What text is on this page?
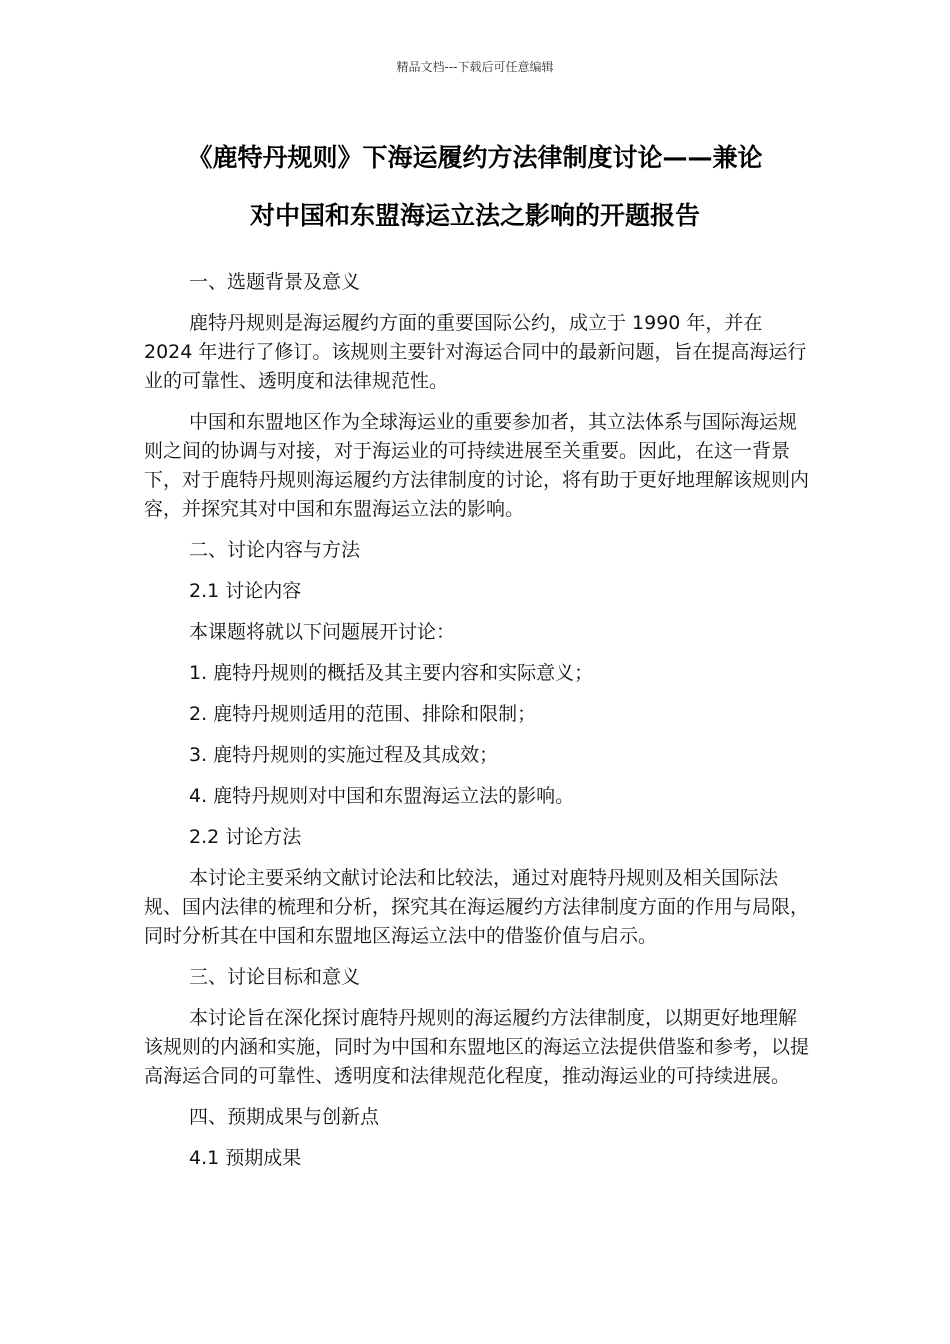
精品文档---下载后可任意编辑
《鹿特丹规则》下海运履约方法律制度讨论——兼论
对中国和东盟海运立法之影响的开题报告
一、选题背景及意义
鹿特丹规则是海运履约方面的重要国际公约，成立于 1990 年，并在 2024 年进行了修订。该规则主要针对海运合同中的最新问题，旨在提高海运行业的可靠性、透明度和法律规范性。
中国和东盟地区作为全球海运业的重要参加者，其立法体系与国际海运规则之间的协调与对接，对于海运业的可持续进展至关重要。因此，在这一背景下，对于鹿特丹规则海运履约方法律制度的讨论，将有助于更好地理解该规则内容，并探究其对中国和东盟海运立法的影响。
二、讨论内容与方法
2.1 讨论内容
本课题将就以下问题展开讨论：
1. 鹿特丹规则的概括及其主要内容和实际意义；
2. 鹿特丹规则适用的范围、排除和限制；
3. 鹿特丹规则的实施过程及其成效；
4. 鹿特丹规则对中国和东盟海运立法的影响。
2.2 讨论方法
本讨论主要采纳文献讨论法和比较法，通过对鹿特丹规则及相关国际法规、国内法律的梳理和分析，探究其在海运履约方法律制度方面的作用与局限，同时分析其在中国和东盟地区海运立法中的借鉴价值与启示。
三、讨论目标和意义
本讨论旨在深化探讨鹿特丹规则的海运履约方法律制度，以期更好地理解该规则的内涵和实施，同时为中国和东盟地区的海运立法提供借鉴和参考，以提高海运合同的可靠性、透明度和法律规范化程度，推动海运业的可持续进展。
四、预期成果与创新点
4.1 预期成果
